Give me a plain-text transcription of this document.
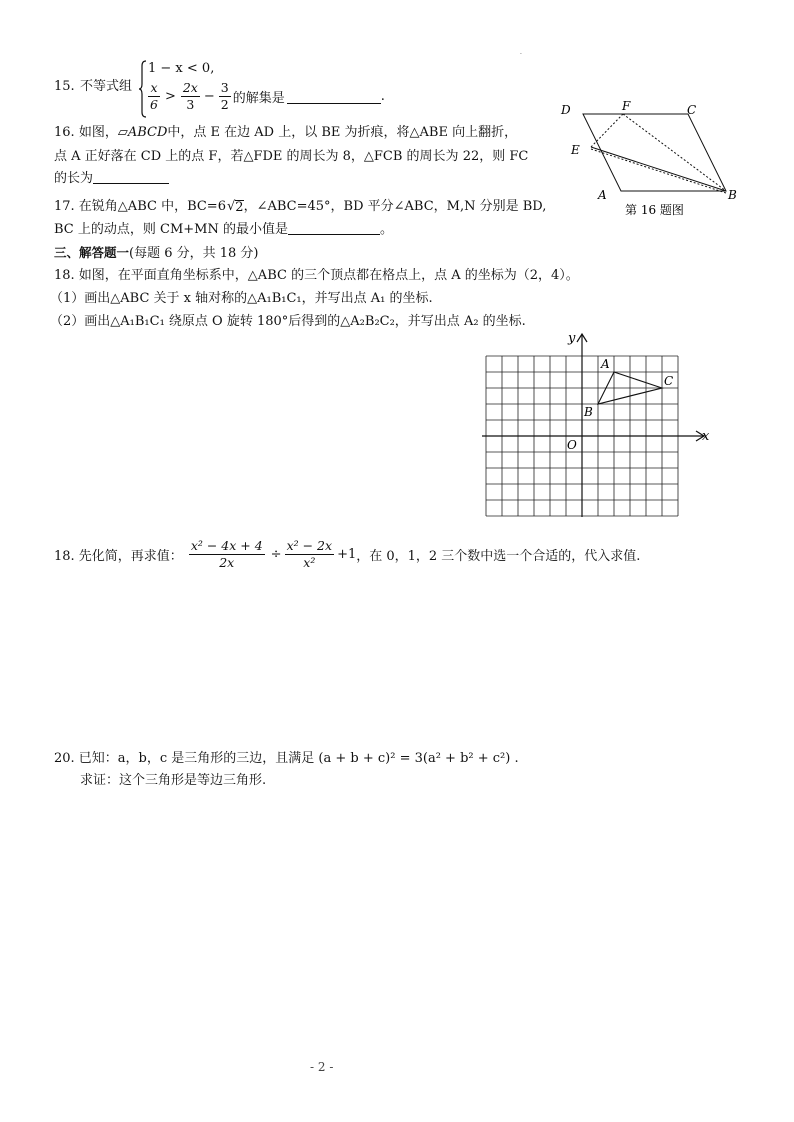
·
15. 不等式组
1 − x < 0,
$\frac{x}{6} > \frac{2x}{3} - \frac{3}{2}$ 的解集是	.
16. 如图，▱ABCD中，点 E 在边 AD 上，以 BE 为折痕，将△ABE 向上翻折，
点 A 正好落在 CD 上的点 F，若△FDE 的周长为 8，△FCB 的周长为 22，则 FC
的长为
D	F	C
E
A	B
第 16 题图
17. 在锐角△ABC 中，BC= 6 √ 2 ，∠ABC=45°，BD 平分∠ABC，M,N 分别是 BD,
BC 上的动点，则 CM+MN 的最小值是	。
三、解答题一(每题 6 分，共 18 分)
18. 如图，在平面直角坐标系中，△ABC 的三个顶点都在格点上，点 A 的坐标为（2，4）。
（1）画出△ABC 关于 x 轴对称的△A₁B₁C₁，并写出点 A₁ 的坐标.
（2）画出△A₁B₁C₁ 绕原点 O 旋转 180°后得到的△A₂B₂C₂，并写出点 A₂ 的坐标.
x
y
O
A
B
C
18. 先化简，再求值： $\frac{\text{x² − 4x + 4}}{2x} \div \frac{\text{x² − 2x}}{\text{x²}} +1$ ，在 0，1，2 三个数中选一个合适的，代入求值.
20. 已知：a，b，c 是三角形的三边，且满足 (a + b + c)² = 3(a² + b² + c²) .
求证：这个三角形是等边三角形.
- 2 -
